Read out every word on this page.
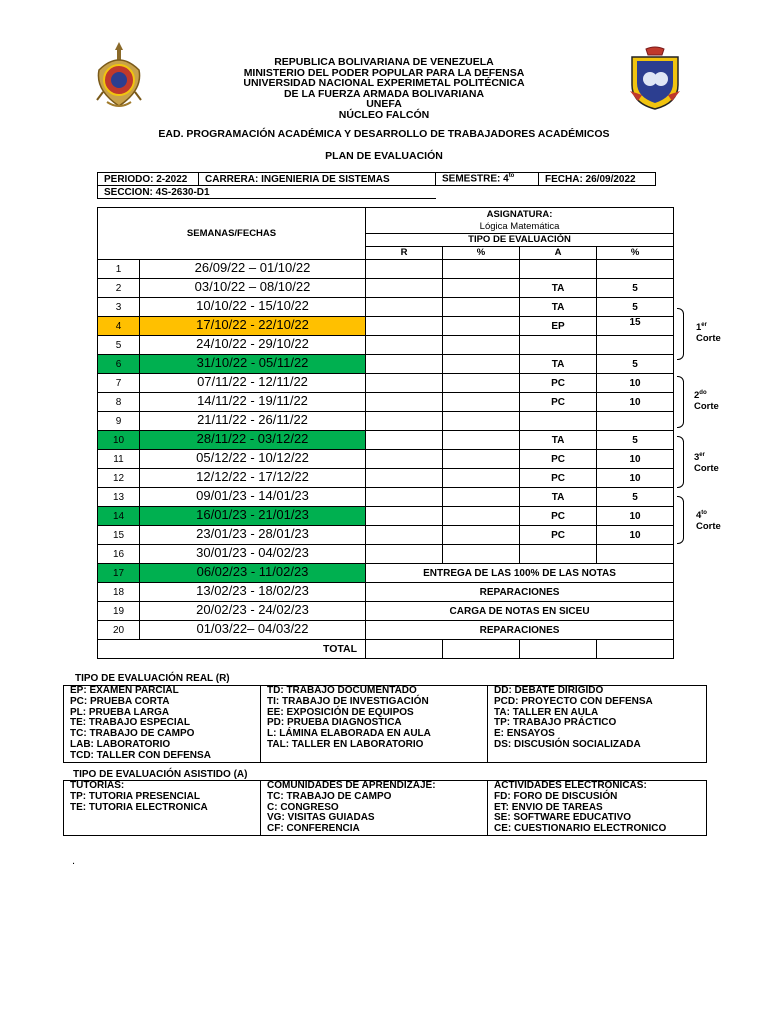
REPUBLICA BOLIVARIANA DE VENEZUELA
MINISTERIO DEL PODER POPULAR PARA LA DEFENSA
UNIVERSIDAD NACIONAL EXPERIMETAL POLITÉCNICA
DE LA FUERZA ARMADA BOLIVARIANA
UNEFA
NÚCLEO FALCÓN
EAD. PROGRAMACIÓN ACADÉMICA Y DESARROLLO DE TRABAJADORES ACADÉMICOS
PLAN DE EVALUACIÓN
PERIODO: 2-2022	CARRERA: INGENIERIA DE SISTEMAS	SEMESTRE: $4^{to}$	FECHA: 26/09/2022
SECCION: 4S-2630-D1			
SEMANAS/FECHAS		ASIGNATURA:
Lógica Matemática			

		TIPO DE EVALUACIÓN			
		R	%	A	%
1	26/09/22 – 01/10/22				
2	03/10/22 – 08/10/22			TA	5
3	10/10/22 - 15/10/22			TA	5
4	17/10/22 - 22/10/22			EP	15
5	24/10/22 - 29/10/22				
6	31/10/22 - 05/11/22			TA	5
7	07/11/22 - 12/11/22			PC	10
8	14/11/22 - 19/11/22			PC	10
9	21/11/22 - 26/11/22				
10	28/11/22 - 03/12/22			TA	5
11	05/12/22 - 10/12/22			PC	10
12	12/12/22 - 17/12/22			PC	10
13	09/01/23 - 14/01/23			TA	5
14	16/01/23 - 21/01/23			PC	10
15	23/01/23 - 28/01/23			PC	10
16	30/01/23 - 04/02/23				
17	06/02/23 - 11/02/23	ENTREGA DE LAS 100% DE LAS NOTAS			
18	13/02/23 - 18/02/23	REPARACIONES			
19	20/02/23 - 24/02/23	CARGA DE NOTAS EN SICEU			
20	01/03/22– 04/03/22	REPARACIONES			
TOTAL					
1er
Corte
$2^{do}$
Corte
3er
Corte
$4^{to}$
Corte
TIPO DE EVALUACIÓN REAL (R)
EP: EXAMEN PARCIAL
PC: PRUEBA CORTA
PL: PRUEBA LARGA
TE: TRABAJO ESPECIAL
TC: TRABAJO DE CAMPO
LAB: LABORATORIO
TCD: TALLER CON DEFENSA

TD: TRABAJO DOCUMENTADO
TI: TRABAJO DE INVESTIGACIÓN
EE: EXPOSICIÓN DE EQUIPOS
PD: PRUEBA DIAGNOSTICA
L: LÁMINA ELABORADA EN AULA
TAL: TALLER EN LABORATORIO

DD: DEBATE DIRIGIDO
PCD: PROYECTO CON DEFENSA
TA: TALLER EN AULA
TP: TRABAJO PRÁCTICO
E: ENSAYOS
DS: DISCUSIÓN SOCIALIZADA
TIPO DE EVALUACIÓN ASISTIDO (A)
TUTORIAS:
TP: TUTORIA PRESENCIAL
TE: TUTORIA ELECTRONICA

COMUNIDADES DE APRENDIZAJE:
TC: TRABAJO DE CAMPO
C: CONGRESO
VG: VISITAS GUIADAS
CF: CONFERENCIA

ACTIVIDADES ELECTRONICAS:
FD: FORO DE DISCUSIÓN
ET: ENVIO DE TAREAS
SE: SOFTWARE EDUCATIVO
CE: CUESTIONARIO ELECTRONICO
.
